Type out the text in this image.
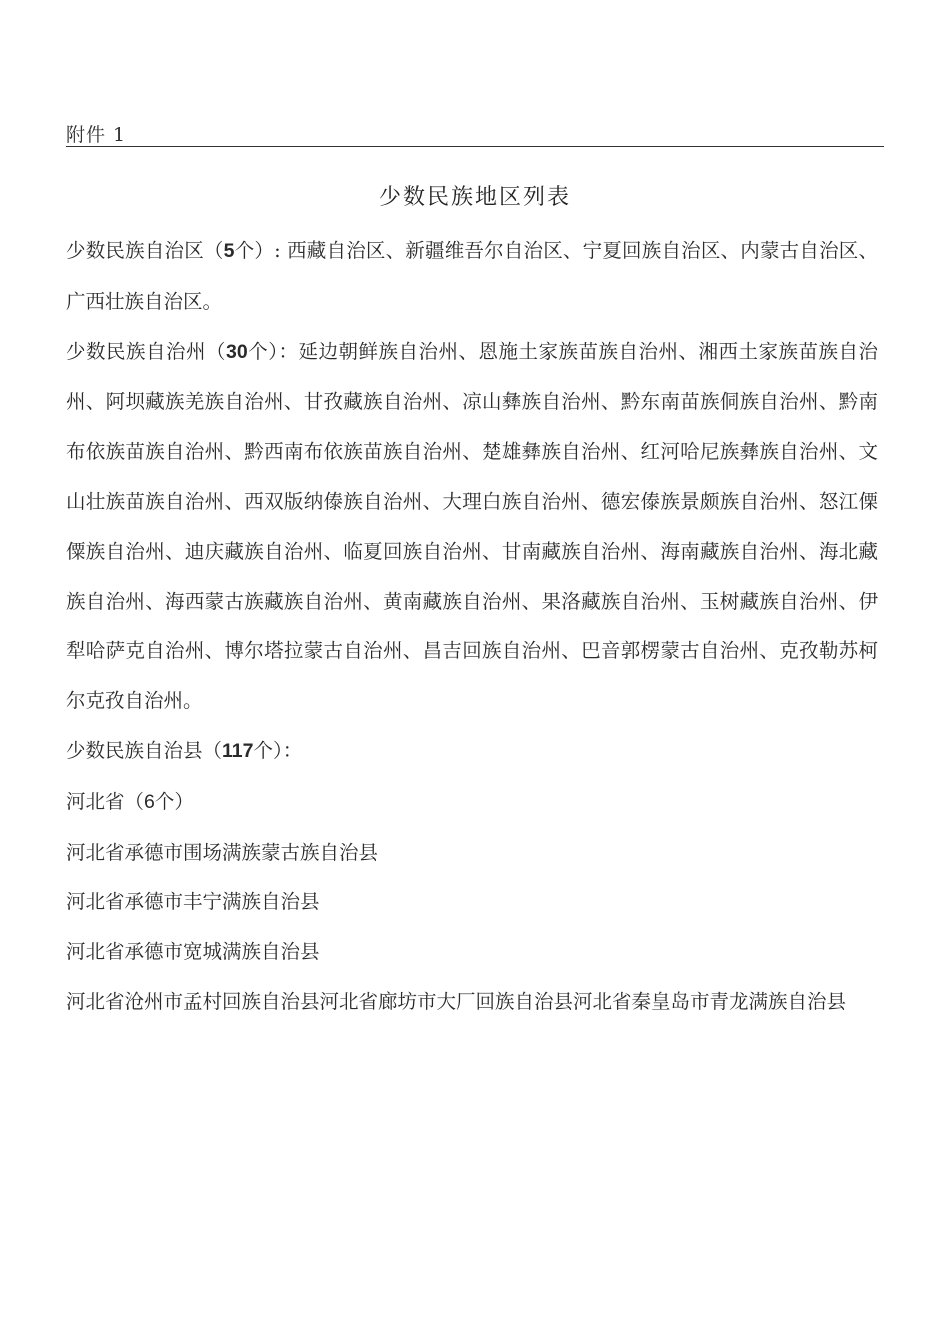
附件 1
少数民族地区列表

少数民族自治区（5个）: 西藏自治区、新疆维吾尔自治区、宁夏回族自治区、内蒙古自治区、广西壮族自治区。

少数民族自治州（30个）：延边朝鲜族自治州、恩施土家族苗族自治州、湘西土家族苗族自治州、阿坝藏族羌族自治州、甘孜藏族自治州、凉山彝族自治州、黔东南苗族侗族自治州、黔南布依族苗族自治州、黔西南布依族苗族自治州、楚雄彝族自治州、红河哈尼族彝族自治州、文山壮族苗族自治州、西双版纳傣族自治州、大理白族自治州、德宏傣族景颇族自治州、怒江傈僳族自治州、迪庆藏族自治州、临夏回族自治州、甘南藏族自治州、海南藏族自治州、海北藏族自治州、海西蒙古族藏族自治州、黄南藏族自治州、果洛藏族自治州、玉树藏族自治州、伊犁哈萨克自治州、博尔塔拉蒙古自治州、昌吉回族自治州、巴音郭楞蒙古自治州、克孜勒苏柯尔克孜自治州。

少数民族自治县（117个）：

河北省（6个）

河北省承德市围场满族蒙古族自治县

河北省承德市丰宁满族自治县

河北省承德市宽城满族自治县

河北省沧州市孟村回族自治县河北省廊坊市大厂回族自治县河北省秦皇岛市青龙满族自治县
